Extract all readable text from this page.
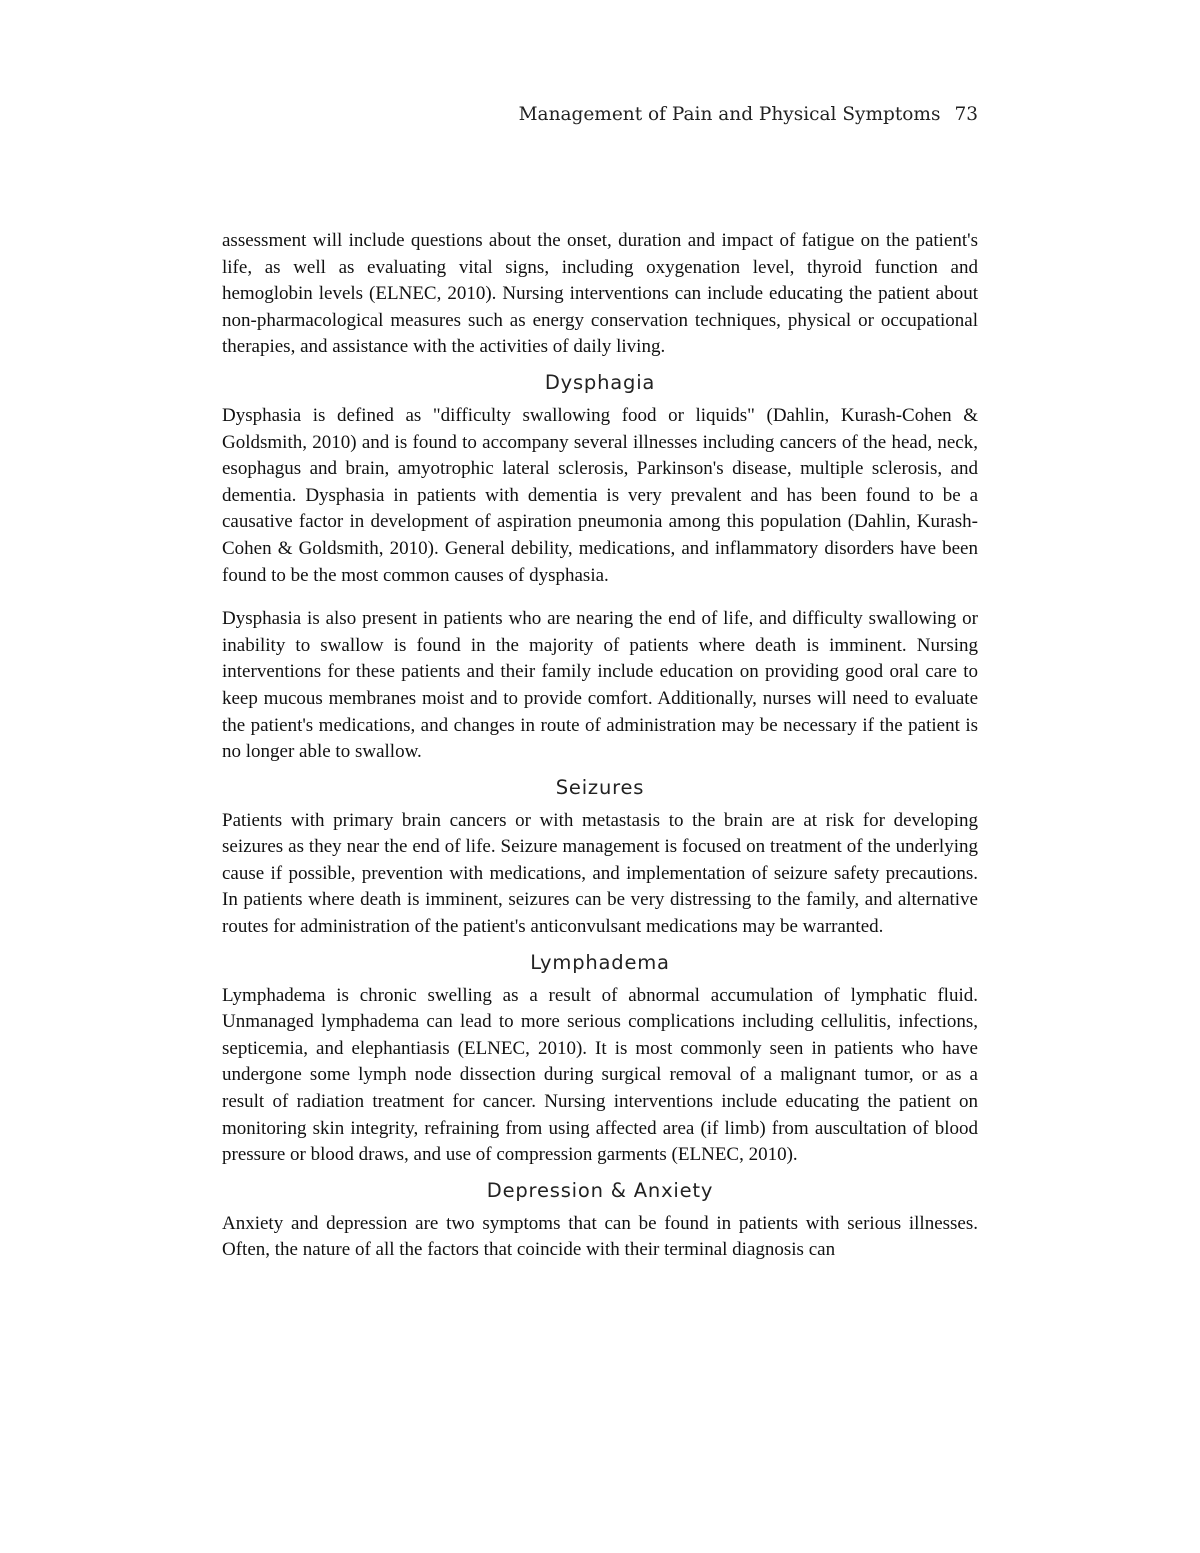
Management of Pain and Physical Symptoms 73

assessment will include questions about the onset, duration and impact of fatigue on the patient's life, as well as evaluating vital signs, including oxygenation level, thyroid function and hemoglobin levels (ELNEC, 2010). Nursing interventions can include educating the patient about non-pharmacological measures such as energy conservation techniques, physical or occupational therapies, and assistance with the activities of daily living.

Dysphagia

Dysphasia is defined as "difficulty swallowing food or liquids" (Dahlin, Kurash-Cohen & Goldsmith, 2010) and is found to accompany several illnesses including cancers of the head, neck, esophagus and brain, amyotrophic lateral sclerosis, Parkinson's disease, multiple sclerosis, and dementia. Dysphasia in patients with dementia is very prevalent and has been found to be a causative factor in development of aspiration pneumonia among this population (Dahlin, Kurash-Cohen & Goldsmith, 2010). General debility, medications, and inflammatory disorders have been found to be the most common causes of dysphasia.

Dysphasia is also present in patients who are nearing the end of life, and difficulty swallowing or inability to swallow is found in the majority of patients where death is imminent. Nursing interventions for these patients and their family include education on providing good oral care to keep mucous membranes moist and to provide comfort. Additionally, nurses will need to evaluate the patient's medications, and changes in route of administration may be necessary if the patient is no longer able to swallow.

Seizures

Patients with primary brain cancers or with metastasis to the brain are at risk for developing seizures as they near the end of life. Seizure management is focused on treatment of the underlying cause if possible, prevention with medications, and implementation of seizure safety precautions. In patients where death is imminent, seizures can be very distressing to the family, and alternative routes for administration of the patient's anticonvulsant medications may be warranted.

Lymphadema

Lymphadema is chronic swelling as a result of abnormal accumulation of lymphatic fluid. Unmanaged lymphadema can lead to more serious complications including cellulitis, infections, septicemia, and elephantiasis (ELNEC, 2010). It is most commonly seen in patients who have undergone some lymph node dissection during surgical removal of a malignant tumor, or as a result of radiation treatment for cancer. Nursing interventions include educating the patient on monitoring skin integrity, refraining from using affected area (if limb) from auscultation of blood pressure or blood draws, and use of compression garments (ELNEC, 2010).

Depression & Anxiety

Anxiety and depression are two symptoms that can be found in patients with serious illnesses. Often, the nature of all the factors that coincide with their terminal diagnosis can
